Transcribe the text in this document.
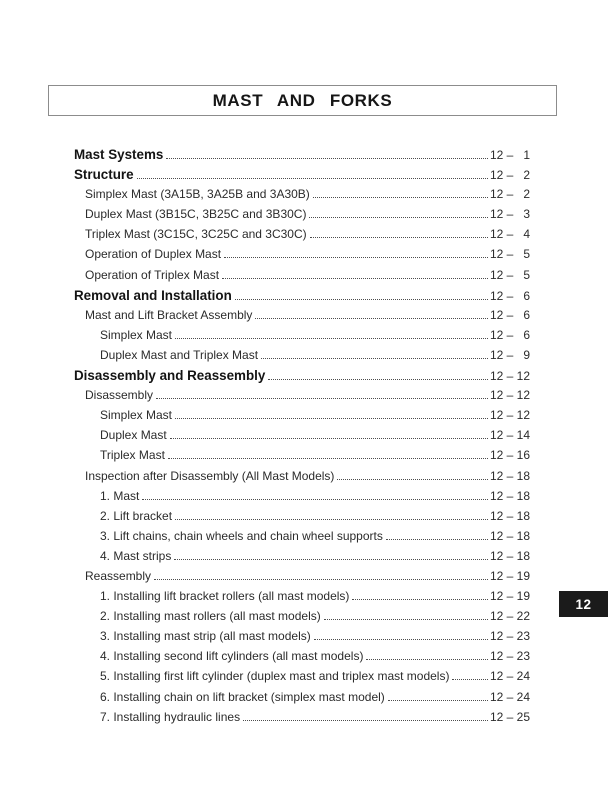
MAST AND FORKS
Mast Systems	12 –   1
Structure	12 –   2
Simplex Mast (3A15B, 3A25B and 3A30B)	12 –   2
Duplex Mast (3B15C, 3B25C and 3B30C)	12 –   3
Triplex Mast (3C15C, 3C25C and 3C30C)	12 –   4
Operation of Duplex Mast	12 –   5
Operation of Triplex Mast	12 –   5
Removal and Installation	12 –   6
Mast and Lift Bracket Assembly	12 –   6
Simplex Mast	12 –   6
Duplex Mast and Triplex Mast	12 –   9
Disassembly and Reassembly	12 – 12
Disassembly	12 – 12
Simplex Mast	12 – 12
Duplex Mast	12 – 14
Triplex Mast	12 – 16
Inspection after Disassembly (All Mast Models)	12 – 18
1. Mast	12 – 18
2. Lift bracket	12 – 18
3. Lift chains, chain wheels and chain wheel supports	12 – 18
4. Mast strips	12 – 18
Reassembly	12 – 19
1. Installing lift bracket rollers (all mast models)	12 – 19
2. Installing mast rollers (all mast models)	12 – 22
3. Installing mast strip (all mast models)	12 – 23
4. Installing second lift cylinders (all mast models)	12 – 23
5. Installing first lift cylinder (duplex mast and triplex mast models)	12 – 24
6. Installing chain on lift bracket (simplex mast model)	12 – 24
7. Installing hydraulic lines	12 – 25
12
